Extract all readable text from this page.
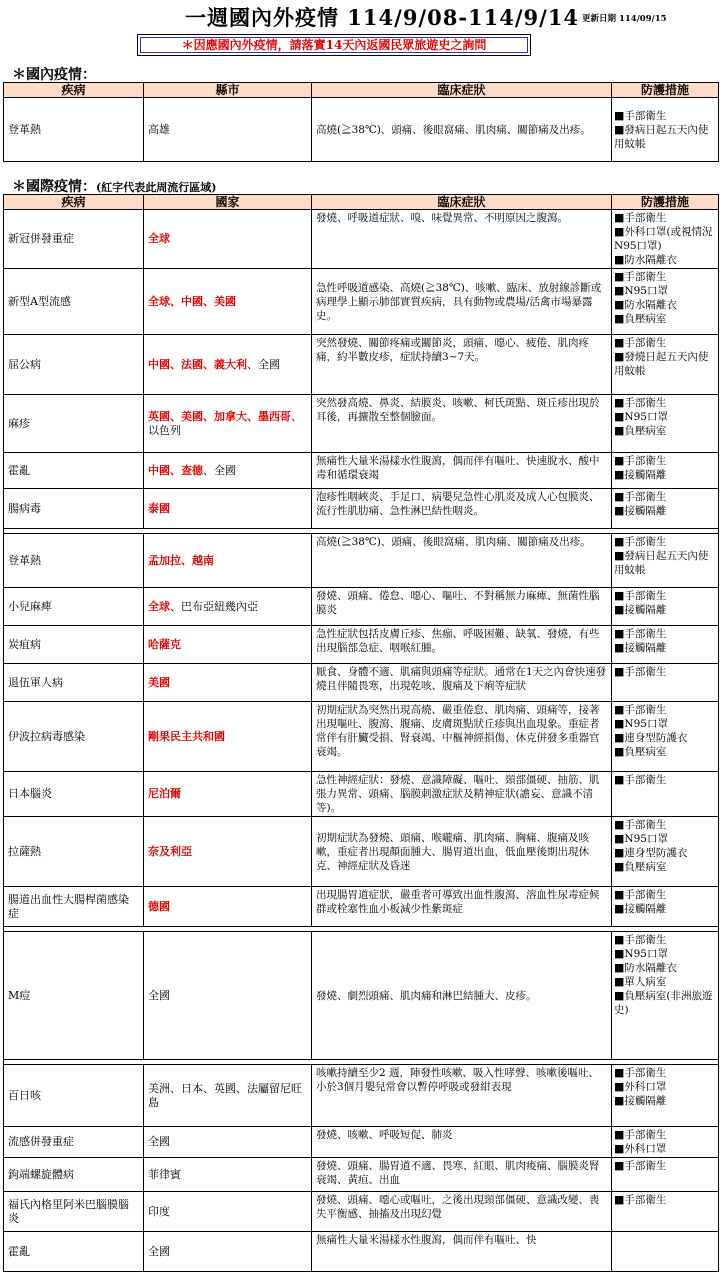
一週國內外疫情 114/9/08-114/9/14 更新日期 114/09/15
＊因應國內外疫情，請落實14天內返國民眾旅遊史之詢問
＊國內疫情：
疾病	縣市	臨床症狀	防護措施
登革熱	高雄	高燒(≧38℃)、頭痛、後眼窩痛、肌肉痛、關節痛及出疹。	■ 手部衛生
■ 發病日起五天內使用蚊帳
＊國際疫情：(紅字代表此周流行區域)
疾病	國家	臨床症狀	防護措施
新冠併發重症	全球	發燒、呼吸道症狀、嗅、味覺異常、不明原因之腹瀉。	■ 手部衛生
■ 外科口罩(或視情況N95口罩)
■ 防水隔離衣

新型A型流感	全球、中國、美國	急性呼吸道感染、高燒(≧38℃)、咳嗽、臨床、放射線診斷或病理學上顯示肺部實質疾病，具有動物或農場/活禽市場暴露史。	■ 手部衛生
■ N95口罩
■ 防水隔離衣
■ 負壓病室

屈公病	中國、法國、義大利、全國	突然發燒、關節疼痛或關節炎，頭痛、噁心、疲倦、肌肉疼痛，約半數皮疹，症狀持續3~7天。	■ 手部衛生
■ 發燒日起五天內使用蚊帳

麻疹	英國、美國、加拿大、墨西哥、以色列	突然發高燒、鼻炎、結膜炎、咳嗽、柯氏斑點、斑丘疹出現於耳後，再擴散至整個臉面。	■ 手部衛生
■ N95口罩
■ 負壓病室

霍亂	中國、查德、全國	無痛性大量米湯樣水性腹瀉，偶而伴有嘔吐、快速脫水、酸中毒和循環衰竭	■ 手部衛生
■ 接觸隔離

腸病毒	泰國	泡疹性咽峽炎、手足口、病嬰兒急性心肌炎及成人心包膜炎、流行性肌肋痛、急性淋巴結性咽炎。	■ 手部衛生
■ 接觸隔離

登革熱	孟加拉、越南	高燒(≧38℃)、頭痛、後眼窩痛、肌肉痛、關節痛及出疹。	■ 手部衛生
■ 發病日起五天內使用蚊帳

小兒麻痺	全球、巴布亞紐幾內亞	發燒、頭痛、倦怠、噁心、嘔吐、不對稱無力麻痺、無菌性腦膜炎	■ 手部衛生
■ 接觸隔離

炭疽病	哈薩克	急性症狀包括皮膚丘疹、焦痂、呼吸困難、缺氧、發燒，有些出現腦部急症、咽喉紅腫。	■ 手部衛生
■ 接觸隔離

退伍軍人病	美國	厭食、身體不適、肌痛與頭痛等症狀。通常在1天之內會快速發燒且伴隨畏寒，出現乾咳、腹痛及下痢等症狀	■ 手部衛生

伊波拉病毒感染	剛果民主共和國	初期症狀為突然出現高燒、嚴重倦怠、肌肉痛、頭痛等，接著出現嘔吐、腹瀉、腹痛、皮膚斑點狀丘疹與出血現象。重症者常伴有肝臟受損、腎衰竭、中樞神經損傷、休克併發多重器官衰竭。	■ 手部衛生
■ N95口罩
■ 連身型防護衣
■ 負壓病室

日本腦炎	尼泊爾	急性神經症狀：發燒、意識障礙、嘔吐、頸部僵硬、抽筋、肌張力異常、頭痛、腦膜刺激症狀及精神症狀(譫妄、意識不清等)。	■ 手部衛生

拉薩熱	奈及利亞	初期症狀為發燒、頭痛、喉嚨痛、肌肉痛、胸痛、腹痛及咳嗽，重症者出現顏面腫大、腸胃道出血，低血壓後期出現休克、神經症狀及昏迷	■ 手部衛生
■ N95口罩
■ 連身型防護衣
■ 負壓病室

腸道出血性大腸桿菌感染症	德國	出現腸胃道症狀，嚴重者可導致出血性腹瀉、溶血性尿毒症候 群或栓塞性血小板減少性紫斑症	■ 手部衛生
■ 接觸隔離

M痘	全國	發燒、劇烈頭痛、肌肉痛和淋巴結腫大、皮疹。	■ 手部衛生
■ N95口罩
■ 防水隔離衣
■ 單人病室
■ 負壓病室(非洲旅遊史)

百日咳	美洲、日本、英國、法屬留尼旺島	咳嗽持續至少2 週，陣發性咳嗽、吸入性哮聲、咳嗽後嘔吐、小於3個月嬰兒常會以暫停呼吸或發紺表現	■ 手部衛生
■ 外科口罩
■ 接觸隔離

流感併發重症	全國	發燒、咳嗽、呼吸短促、肺炎	■ 手部衛生
■ 外科口罩

鉤端螺旋體病	菲律賓	發燒、頭痛、腸胃道不適、畏寒、紅眼、肌肉痠痛、腦膜炎腎衰竭、黃疸、出血	■ 手部衛生

福氏內格里阿米巴腦膜腦炎	印度	發燒、頭痛、噁心或嘔吐，之後出現頸部僵硬、意識改變、喪失平衡感、抽搐及出現幻覺	■ 手部衛生

霍亂	全國	無痛性大量米湯樣水性腹瀉，偶而伴有嘔吐、快	
